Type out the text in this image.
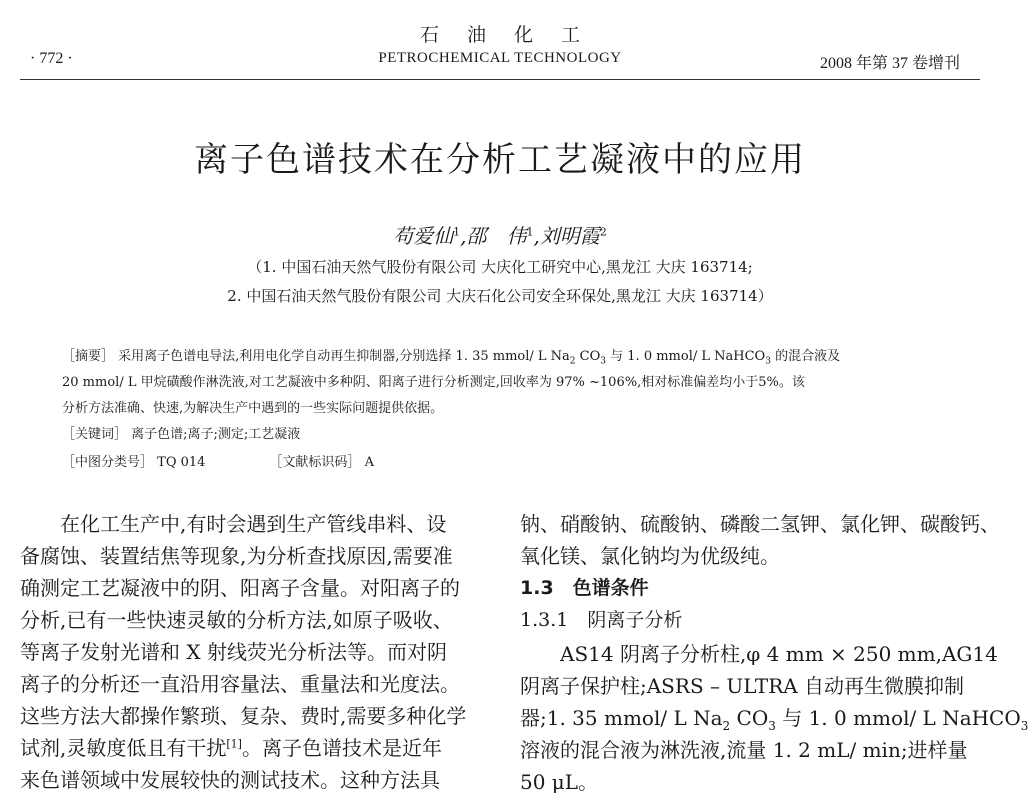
石油化工
PETROCHEMICAL TECHNOLOGY
· 772 ·	2008 年第 37 卷增刊
离子色谱技术在分析工艺凝液中的应用
苟爱仙$^1$,邵　伟$^1$,刘明霞$^2$
（1. 中国石油天然气股份有限公司 大庆化工研究中心,黑龙江 大庆 163714;
2. 中国石油天然气股份有限公司 大庆石化公司安全环保处,黑龙江 大庆 163714）
［摘要］ 采用离子色谱电导法,利用电化学自动再生抑制器,分别选择 1. 35 mmol/ L $Na_2$ $CO_3$ 与 1. 0 mmol/ L NaHCO$_3$ 的混合液及
20 mmol/ L 甲烷磺酸作淋洗液,对工艺凝液中多种阴、阳离子进行分析测定,回收率为 97% ~106%,相对标准偏差均小于5%。该
分析方法准确、快速,为解决生产中遇到的一些实际问题提供依据。
［关键词］ 离子色谱;离子;测定;工艺凝液
［中图分类号］ TQ 014	［文献标识码］ A
　　在化工生产中,有时会遇到生产管线串料、设
备腐蚀、装置结焦等现象,为分析查找原因,需要准
确测定工艺凝液中的阴、阳离子含量。对阳离子的
分析,已有一些快速灵敏的分析方法,如原子吸收、
等离子发射光谱和 X 射线荧光分析法等。而对阴
离子的分析还一直沿用容量法、重量法和光度法。
这些方法大都操作繁琐、复杂、费时,需要多种化学
试剂,灵敏度低且有干扰[1]。离子色谱技术是近年
来色谱领域中发展较快的测试技术。这种方法具
钠、硝酸钠、硫酸钠、磷酸二氢钾、氯化钾、碳酸钙、
氧化镁、氯化钠均为优级纯。
1.3　色谱条件
1.3.1　阴离子分析
　　AS14 阴离子分析柱,φ 4 mm × 250 mm,AG14
阴离子保护柱;ASRS – ULTRA 自动再生微膜抑制
器;1. 35 mmol/ L $Na_2$ $CO_3$ 与 1. 0 mmol/ L NaHCO$_3$
溶液的混合液为淋洗液,流量 1. 2 mL/ min;进样量
50 μL。
